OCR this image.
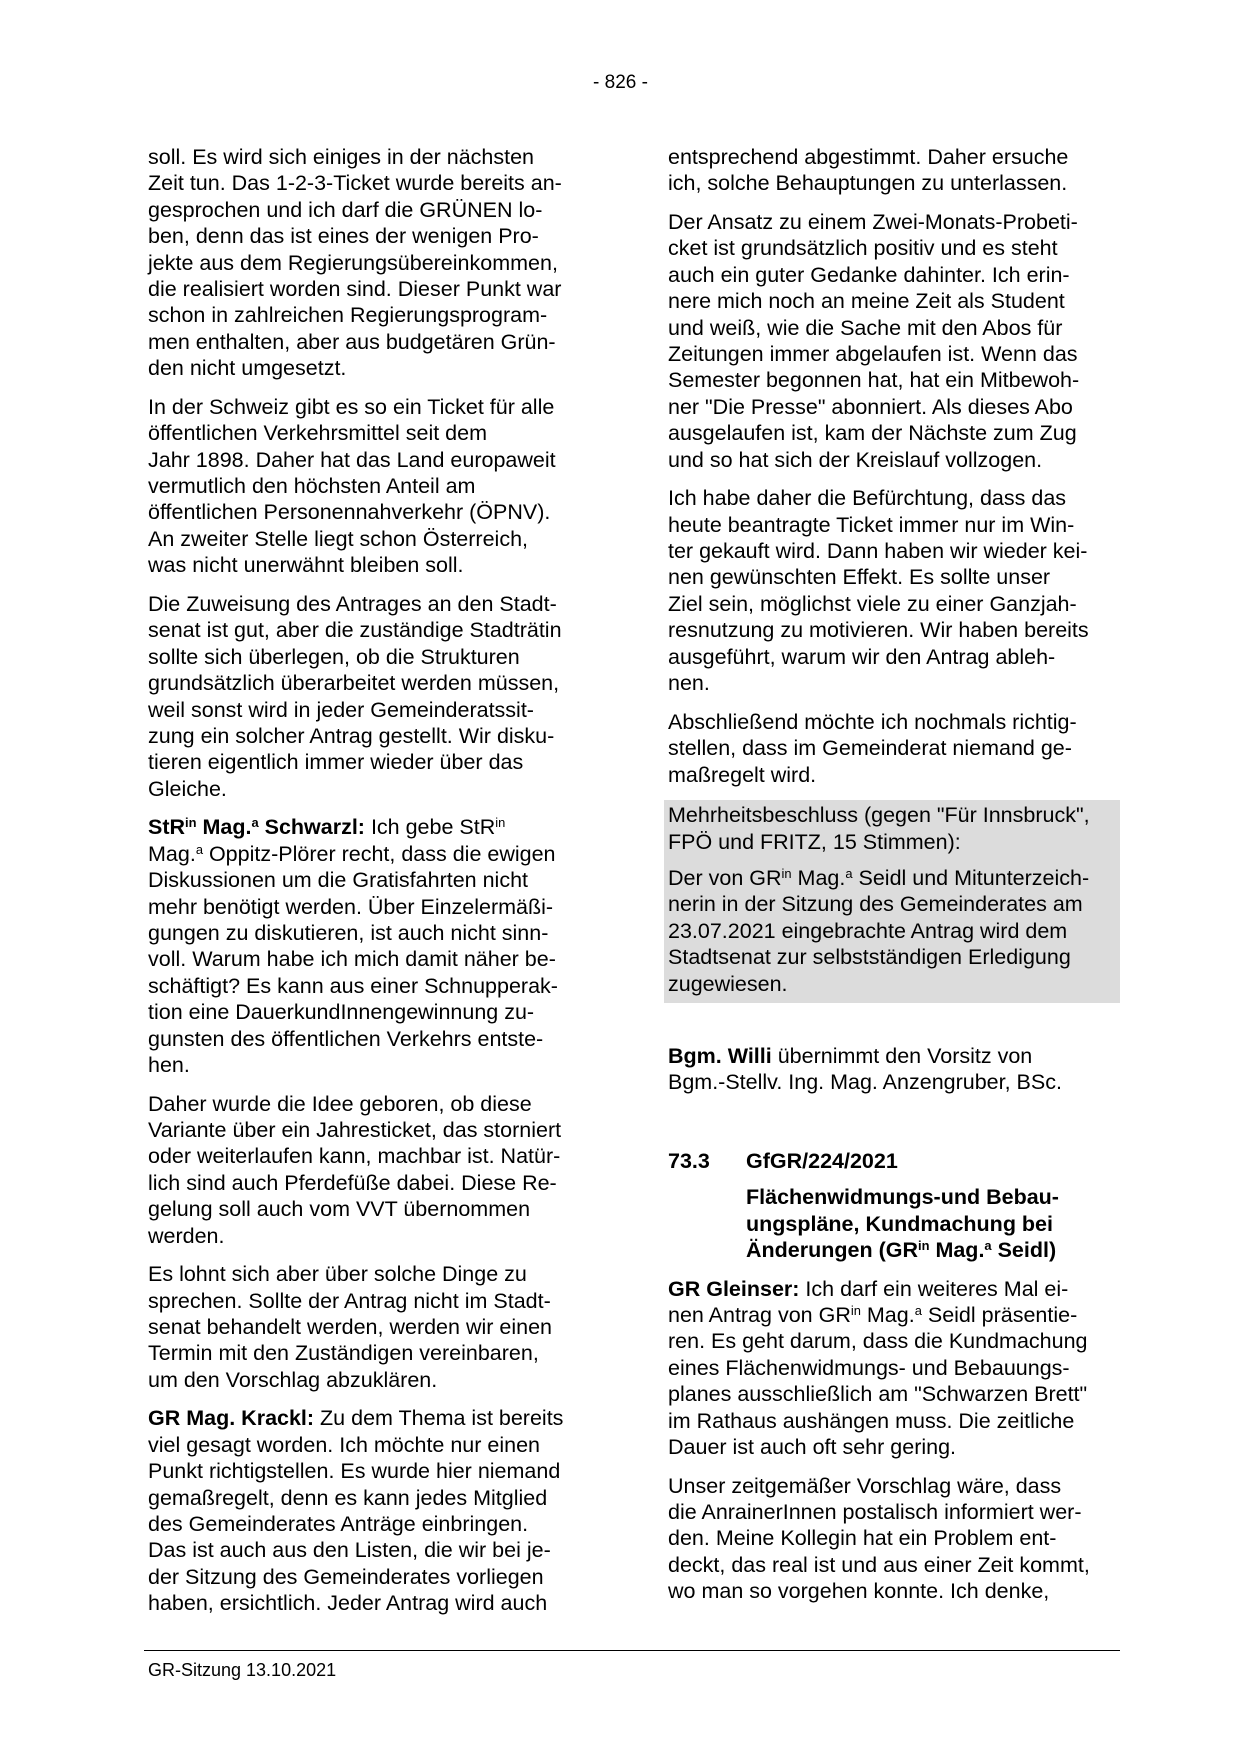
- 826 -

soll. Es wird sich einiges in der nächsten
Zeit tun. Das 1-2-3-Ticket wurde bereits an-
gesprochen und ich darf die GRÜNEN lo-
ben, denn das ist eines der wenigen Pro-
jekte aus dem Regierungsübereinkommen,
die realisiert worden sind. Dieser Punkt war
schon in zahlreichen Regierungsprogram-
men enthalten, aber aus budgetären Grün-
den nicht umgesetzt.

In der Schweiz gibt es so ein Ticket für alle
öffentlichen Verkehrsmittel seit dem
Jahr 1898. Daher hat das Land europaweit
vermutlich den höchsten Anteil am
öffentlichen Personennahverkehr (ÖPNV).
An zweiter Stelle liegt schon Österreich,
was nicht unerwähnt bleiben soll.

Die Zuweisung des Antrages an den Stadt-
senat ist gut, aber die zuständige Stadträtin
sollte sich überlegen, ob die Strukturen
grundsätzlich überarbeitet werden müssen,
weil sonst wird in jeder Gemeinderatssit-
zung ein solcher Antrag gestellt. Wir disku-
tieren eigentlich immer wieder über das
Gleiche.

StR$^{in}$ Mag.$^a$ Schwarzl: Ich gebe StR$^{in}$
Mag.$^a$ Oppitz-Plörer recht, dass die ewigen
Diskussionen um die Gratisfahrten nicht
mehr benötigt werden. Über Einzelermäßi-
gungen zu diskutieren, ist auch nicht sinn-
voll. Warum habe ich mich damit näher be-
schäftigt? Es kann aus einer Schnupperak-
tion eine DauerkundInnengewinnung zu-
gunsten des öffentlichen Verkehrs entste-
hen.

Daher wurde die Idee geboren, ob diese
Variante über ein Jahresticket, das storniert
oder weiterlaufen kann, machbar ist. Natür-
lich sind auch Pferdefüße dabei. Diese Re-
gelung soll auch vom VVT übernommen
werden.

Es lohnt sich aber über solche Dinge zu
sprechen. Sollte der Antrag nicht im Stadt-
senat behandelt werden, werden wir einen
Termin mit den Zuständigen vereinbaren,
um den Vorschlag abzuklären.

GR Mag. Krackl: Zu dem Thema ist bereits
viel gesagt worden. Ich möchte nur einen
Punkt richtigstellen. Es wurde hier niemand
gemaßregelt, denn es kann jedes Mitglied
des Gemeinderates Anträge einbringen.
Das ist auch aus den Listen, die wir bei je-
der Sitzung des Gemeinderates vorliegen
haben, ersichtlich. Jeder Antrag wird auch

entsprechend abgestimmt. Daher ersuche
ich, solche Behauptungen zu unterlassen.

Der Ansatz zu einem Zwei-Monats-Probeti-
cket ist grundsätzlich positiv und es steht
auch ein guter Gedanke dahinter. Ich erin-
nere mich noch an meine Zeit als Student
und weiß, wie die Sache mit den Abos für
Zeitungen immer abgelaufen ist. Wenn das
Semester begonnen hat, hat ein Mitbewoh-
ner "Die Presse" abonniert. Als dieses Abo
ausgelaufen ist, kam der Nächste zum Zug
und so hat sich der Kreislauf vollzogen.

Ich habe daher die Befürchtung, dass das
heute beantragte Ticket immer nur im Win-
ter gekauft wird. Dann haben wir wieder kei-
nen gewünschten Effekt. Es sollte unser
Ziel sein, möglichst viele zu einer Ganzjah-
resnutzung zu motivieren. Wir haben bereits
ausgeführt, warum wir den Antrag ableh-
nen.

Abschließend möchte ich nochmals richtig-
stellen, dass im Gemeinderat niemand ge-
maßregelt wird.

Mehrheitsbeschluss (gegen "Für Innsbruck",
FPÖ und FRITZ, 15 Stimmen):

Der von $GR^{in}$ Mag.$^a$ Seidl und Mitunterzeich-
nerin in der Sitzung des Gemeinderates am
23.07.2021 eingebrachte Antrag wird dem
Stadtsenat zur selbstständigen Erledigung
zugewiesen.

Bgm. Willi übernimmt den Vorsitz von
Bgm.-Stellv. Ing. Mag. Anzengruber, BSc.

73.3	GfGR/224/2021
Flächenwidmungs-und Bebau-
ungspläne, Kundmachung bei
Änderungen ($GR^{in}$ Mag.$^a$ Seidl)

GR Gleinser: Ich darf ein weiteres Mal ei-
nen Antrag von $GR^{in}$ Mag.$^a$ Seidl präsentie-
ren. Es geht darum, dass die Kundmachung
eines Flächenwidmungs- und Bebauungs-
planes ausschließlich am "Schwarzen Brett"
im Rathaus aushängen muss. Die zeitliche
Dauer ist auch oft sehr gering.

Unser zeitgemäßer Vorschlag wäre, dass
die AnrainerInnen postalisch informiert wer-
den. Meine Kollegin hat ein Problem ent-
deckt, das real ist und aus einer Zeit kommt,
wo man so vorgehen konnte. Ich denke,

GR-Sitzung 13.10.2021
